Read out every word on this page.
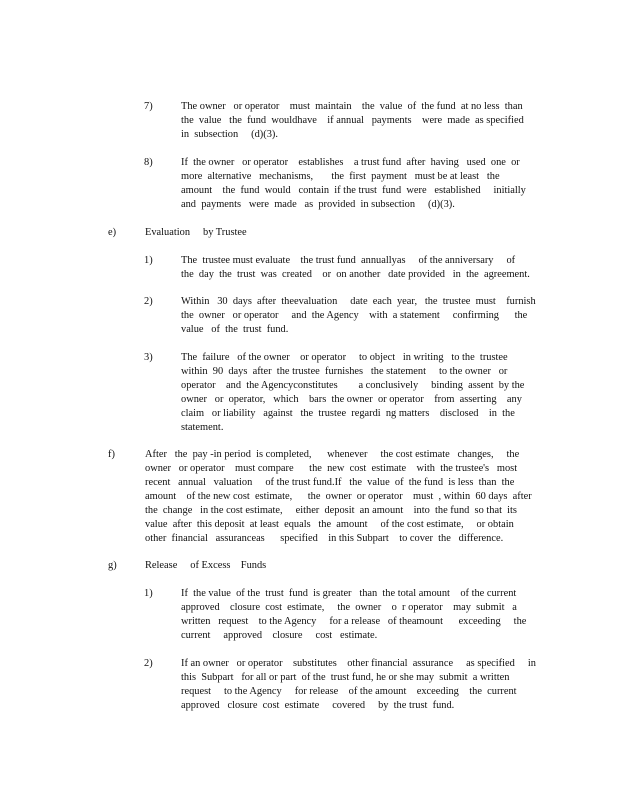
7)	The owner   or operator    must  maintain    the  value  of  the fund  at no less  than
the  value   the  fund  wouldhave    if annual   payments    were  made  as specified
in  subsection     (d)(3).
8)	If  the owner   or operator    establishes    a trust fund  after  having   used  one  or
more  alternative   mechanisms,       the  first  payment   must be at least   the
amount    the  fund  would   contain  if the trust  fund  were   established     initially
and  payments   were  made   as  provided  in subsection     (d)(3).
e)	Evaluation     by Trustee
1)	The  trustee must evaluate    the trust fund  annuallyas     of the anniversary     of
the  day  the  trust  was  created    or  on another   date provided   in  the  agreement.
2)	Within   30  days  after  theevaluation     date  each  year,   the  trustee  must    furnish
the  owner   or operator     and  the Agency    with  a statement     confirming      the
value   of  the  trust  fund.
3)	The  failure   of the owner    or operator     to object   in writing   to the  trustee
within  90  days  after  the trustee  furnishes   the statement     to the owner   or
operator    and  the Agencyconstitutes        a conclusively     binding  assent  by the
owner   or  operator,   which    bars  the owner  or operator    from  asserting    any
claim   or liability   against   the  trustee  regardi  ng matters    disclosed    in  the
statement.
f)	After   the  pay -in period  is completed,      whenever     the cost estimate   changes,     the
owner   or operator    must compare      the  new  cost  estimate    with  the trustee's   most
recent   annual   valuation     of the trust fund.If   the  value  of  the fund  is less  than  the
amount    of the new cost  estimate,      the  owner  or operator    must  , within  60 days  after
the  change   in the cost estimate,     either  deposit  an amount    into  the fund  so that  its
value  after  this deposit  at least  equals   the  amount     of the cost estimate,     or obtain
other  financial   assuranceas      specified    in this Subpart    to cover  the   difference.
g)	Release     of Excess    Funds
1)	If  the value  of the  trust  fund  is greater   than  the total amount    of the current
approved    closure  cost  estimate,     the  owner    o  r operator    may  submit   a
written   request    to the Agency     for a release   of theamount      exceeding     the
current     approved    closure     cost   estimate.
2)	If an owner   or operator    substitutes    other financial  assurance     as specified     in
this  Subpart   for all or part  of the  trust fund, he or she may  submit  a written
request     to the Agency     for release    of the amount    exceeding    the  current
approved   closure  cost  estimate     covered     by  the trust  fund.
